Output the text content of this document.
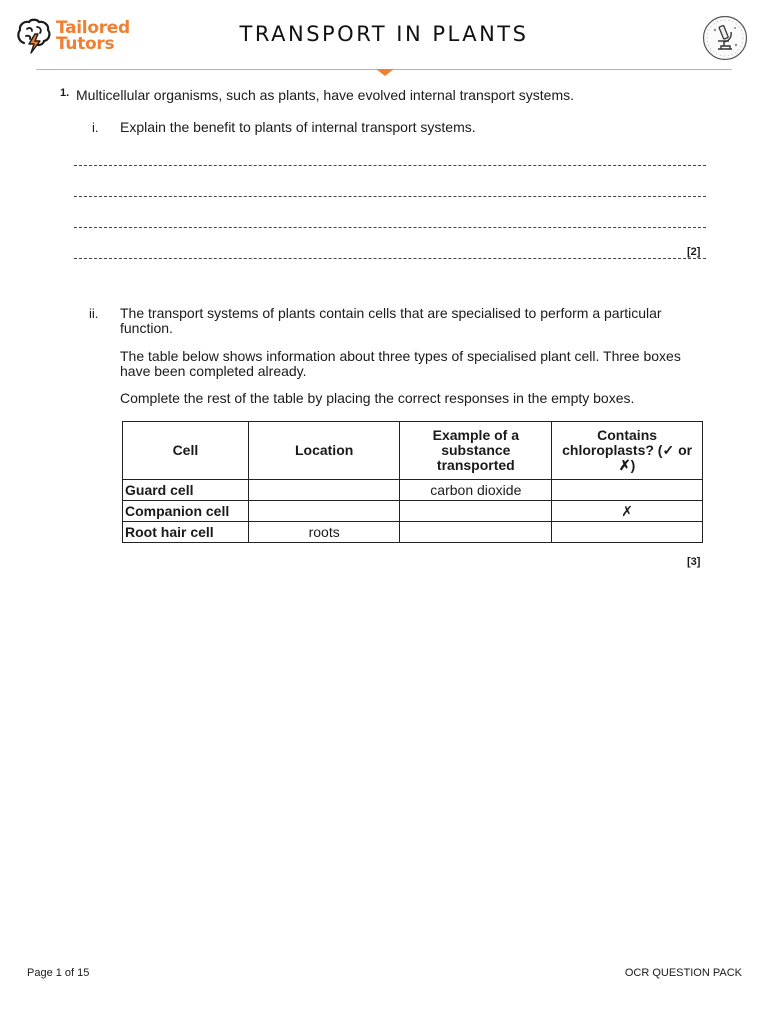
Tailored
Tutors	TRANSPORT IN PLANTS
1. Multicellular organisms, such as plants, have evolved internal transport systems.
i. Explain the benefit to plants of internal transport systems.
[2]
ii. The transport systems of plants contain cells that are specialised to perform a particular function.
The table below shows information about three types of specialised plant cell. Three boxes have been completed already.
Complete the rest of the table by placing the correct responses in the empty boxes.
Cell	Location	Example of a substance transported	Contains chloroplasts? (✓ or ✗)
Guard cell		carbon dioxide	
Companion cell			✗
Root hair cell	roots		
[3]
Page 1 of 15	OCR QUESTION PACK
